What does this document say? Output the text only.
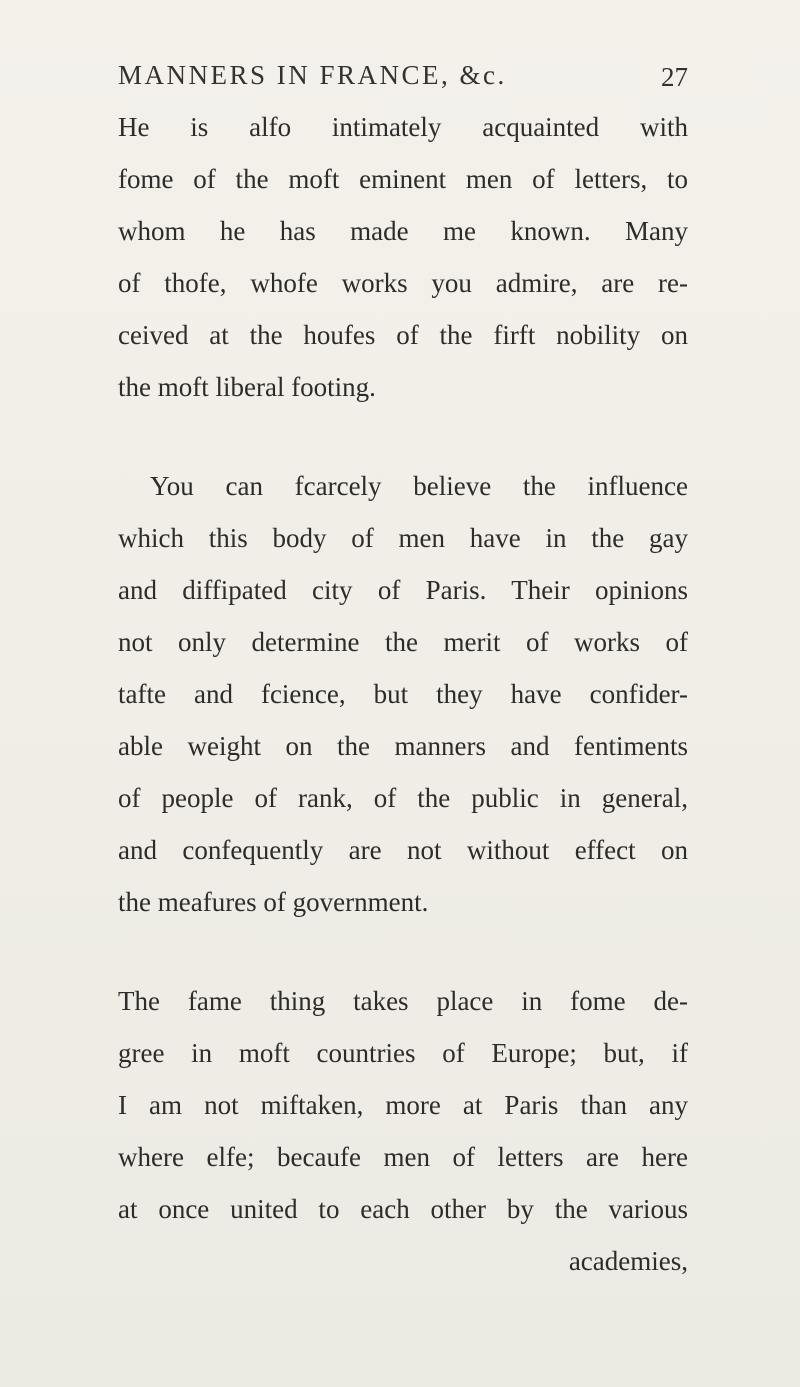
MANNERS IN FRANCE, &c.	27
He is alfo intimately acquainted with
fome of the moft eminent men of letters, to
whom he has made me known. Many
of thofe, whofe works you admire, are re-
ceived at the houfes of the firft nobility on
the moft liberal footing.
You can fcarcely believe the influence
which this body of men have in the gay
and diffipated city of Paris. Their opinions
not only determine the merit of works of
tafte and fcience, but they have confider-
able weight on the manners and fentiments
of people of rank, of the public in general,
and confequently are not without effect on
the meafures of government.
The fame thing takes place in fome de-
gree in moft countries of Europe; but, if
I am not miftaken, more at Paris than any
where elfe; becaufe men of letters are here
at once united to each other by the various
academies,
